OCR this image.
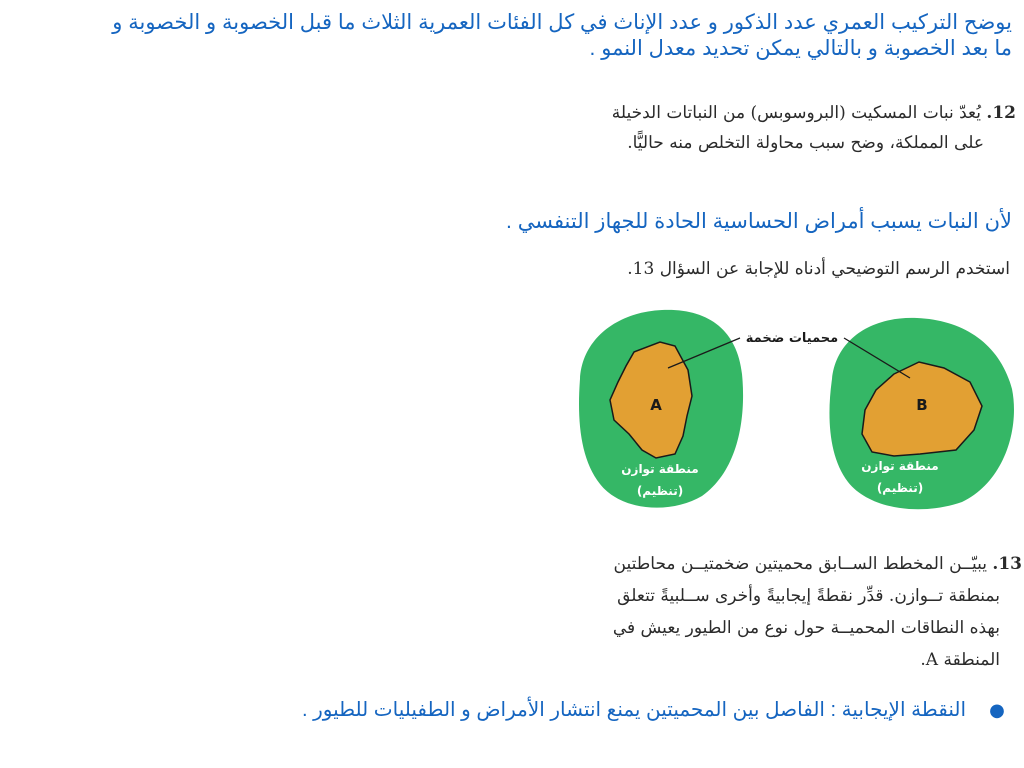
يوضح التركيب العمري عدد الذكور و عدد الإناث في كل الفئات العمرية الثلاث ما قبل الخصوبة و الخصوبة و
ما بعد الخصوبة و بالتالي يمكن تحديد معدل النمو .
12. يُعدّ نبات المسكيت (البروسوبس) من النباتات الدخيلة
على المملكة، وضح سبب محاولة التخلص منه حاليًّا.
لأن النبات يسبب أمراض الحساسية الحادة للجهاز التنفسي .
استخدم الرسم التوضيحي أدناه للإجابة عن السؤال 13.
محميات ضخمة
A	B
منطقة توازن
(تنظيم)
منطقة توازن
(تنظيم)
13. يبيّــن المخطط الســابق محميتين ضخمتيــن محاطتين
بمنطقة تــوازن. قدِّر نقطةً إيجابيةً وأخرى ســلبيةً تتعلق
بهذه النطاقات المحميــة حول نوع من الطيور يعيش في
المنطقة A.
●
النقطة الإيجابية : الفاصل بين المحميتين يمنع انتشار الأمراض و الطفيليات للطيور .
